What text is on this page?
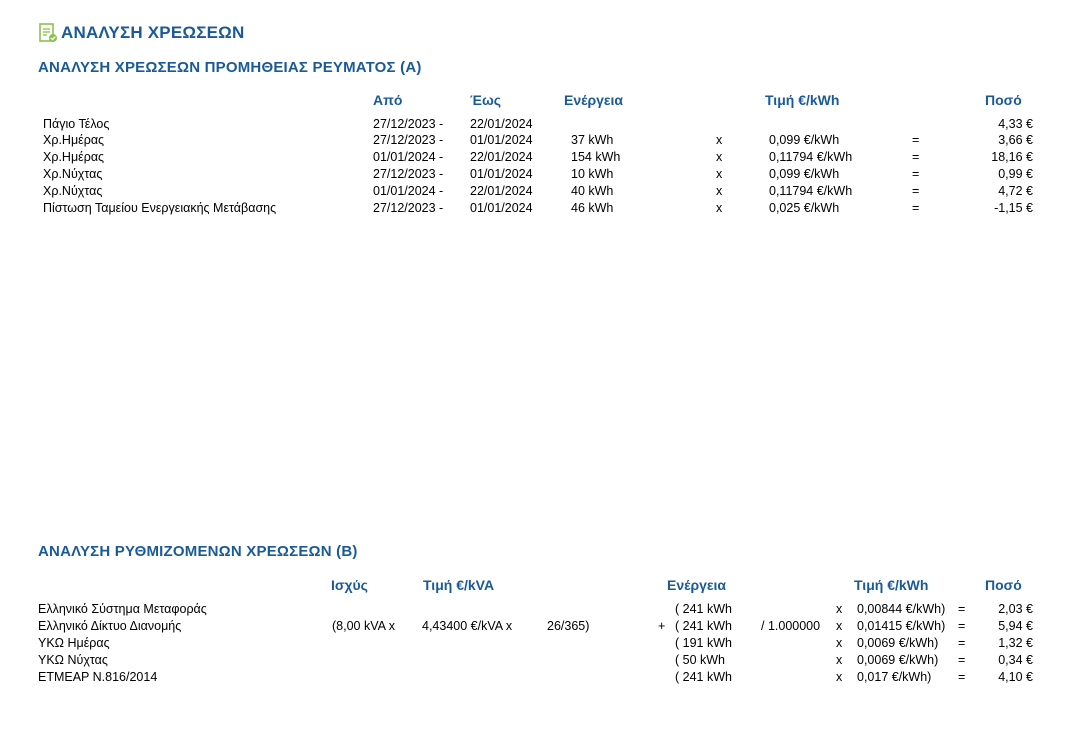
ΑΝΑΛΥΣΗ ΧΡΕΩΣΕΩΝ
ΑΝΑΛΥΣΗ ΧΡΕΩΣΕΩΝ ΠΡΟΜΗΘΕΙΑΣ ΡΕΥΜΑΤΟΣ (Α)
Από	Έως	Ενέργεια	Τιμή €/kWh	Ποσό
Πάγιο Τέλος	27/12/2023 - 22/01/2024	4,33 €
Χρ.Ημέρας	27/12/2023 - 01/01/2024	37 kWh	x	0,099 €/kWh	=	3,66 €
Χρ.Ημέρας	01/01/2024 - 22/01/2024	154 kWh	x	0,11794 €/kWh	=	18,16 €
Χρ.Νύχτας	27/12/2023 - 01/01/2024	10 kWh	x	0,099 €/kWh	=	0,99 €
Χρ.Νύχτας	01/01/2024 - 22/01/2024	40 kWh	x	0,11794 €/kWh	=	4,72 €
Πίστωση Ταμείου Ενεργειακής Μετάβασης	27/12/2023 - 01/01/2024	46 kWh	x	0,025 €/kWh	=	-1,15 €
ΑΝΑΛΥΣΗ ΡΥΘΜΙΖΟΜΕΝΩΝ ΧΡΕΩΣΕΩΝ (Β)
Ισχύς	Τιμή €/kVA	Ενέργεια	Τιμή €/kWh	Ποσό
Ελληνικό Σύστημα Μεταφοράς	( 241 kWh	x 0,00844 €/kWh) =	2,03 €
Ελληνικό Δίκτυο Διανομής	(8,00 kVA x 4,43400 €/kVA x	26/365)	+ ( 241 kWh / 1.000000 x 0,01415 €/kWh) =	5,94 €
ΥΚΩ Ημέρας	( 191 kWh	x 0,0069 €/kWh) =	1,32 €
ΥΚΩ Νύχτας	( 50 kWh	x 0,0069 €/kWh) =	0,34 €
ΕΤΜΕΑΡ Ν.816/2014	( 241 kWh	x 0,017 €/kWh) =	4,10 €
